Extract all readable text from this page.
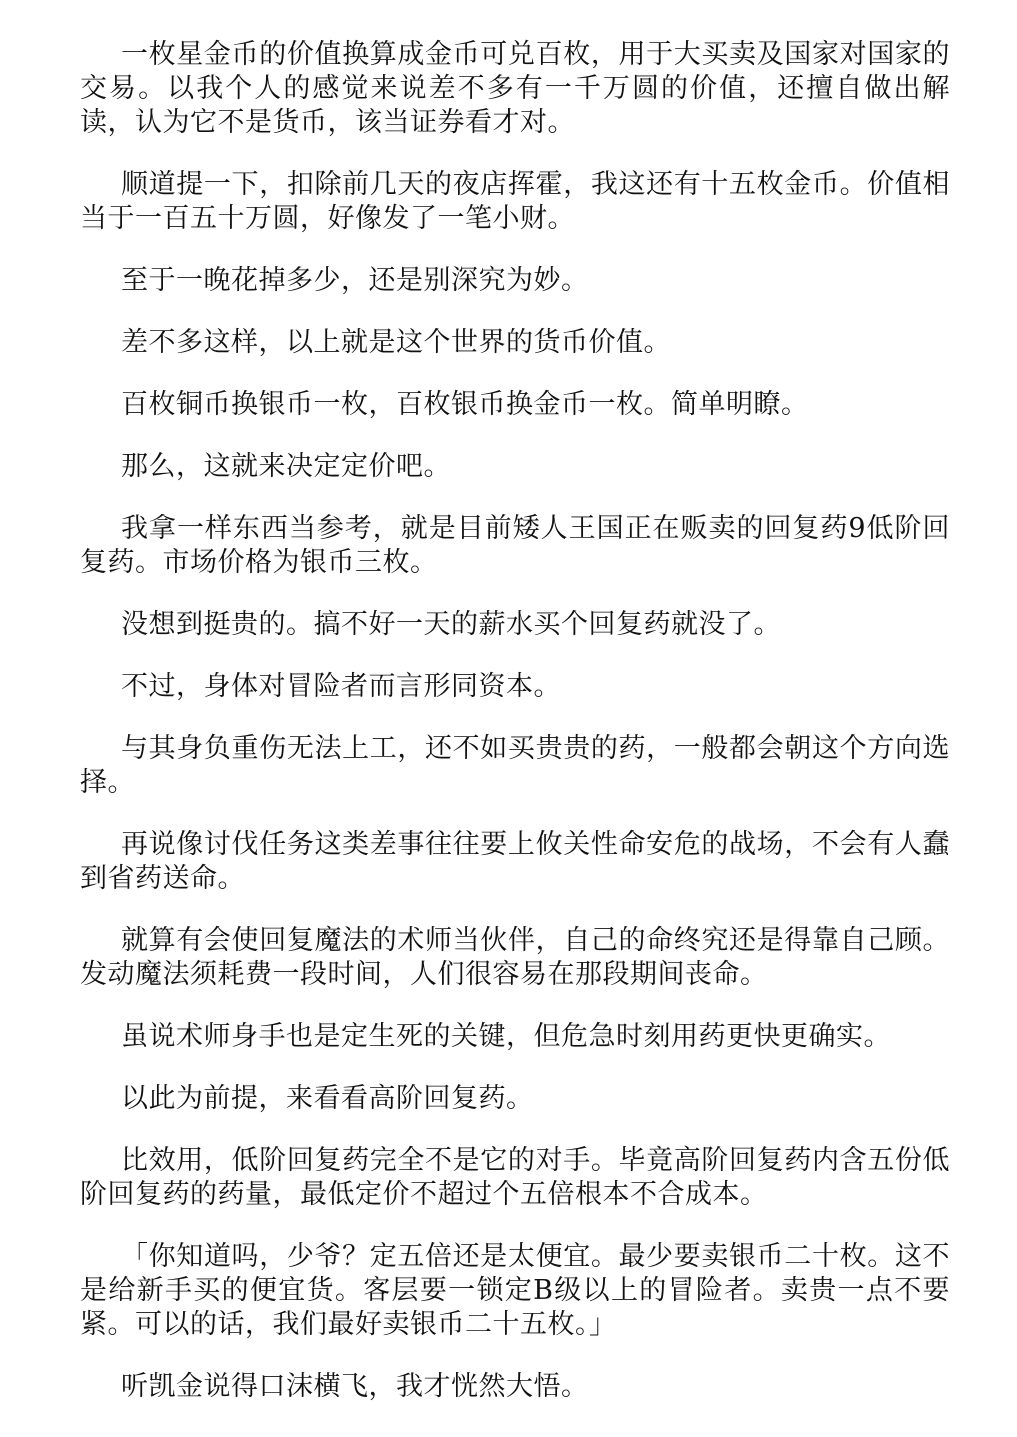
一枚星金币的价值换算成金币可兑百枚，用于大买卖及国家对国家的交易。以我个人的感觉来说差不多有一千万圆的价值，还擅自做出解读，认为它不是货币，该当证券看才对。

顺道提一下，扣除前几天的夜店挥霍，我这还有十五枚金币。价值相当于一百五十万圆，好像发了一笔小财。

至于一晚花掉多少，还是别深究为妙。

差不多这样，以上就是这个世界的货币价值。

百枚铜币换银币一枚，百枚银币换金币一枚。简单明瞭。

那么，这就来决定定价吧。

我拿一样东西当参考，就是目前矮人王国正在贩卖的回复药9低阶回复药。市场价格为银币三枚。

没想到挺贵的。搞不好一天的薪水买个回复药就没了。

不过，身体对冒险者而言形同资本。

与其身负重伤无法上工，还不如买贵贵的药，一般都会朝这个方向选择。

再说像讨伐任务这类差事往往要上攸关性命安危的战场，不会有人蠢到省药送命。

就算有会使回复魔法的术师当伙伴，自己的命终究还是得靠自己顾。发动魔法须耗费一段时间，人们很容易在那段期间丧命。

虽说术师身手也是定生死的关键，但危急时刻用药更快更确实。

以此为前提，来看看高阶回复药。

比效用，低阶回复药完全不是它的对手。毕竟高阶回复药内含五份低阶回复药的药量，最低定价不超过个五倍根本不合成本。

「你知道吗，少爷？定五倍还是太便宜。最少要卖银币二十枚。这不是给新手买的便宜货。客层要一锁定B级以上的冒险者。卖贵一点不要紧。可以的话，我们最好卖银币二十五枚。」

听凯金说得口沫横飞，我才恍然大悟。
